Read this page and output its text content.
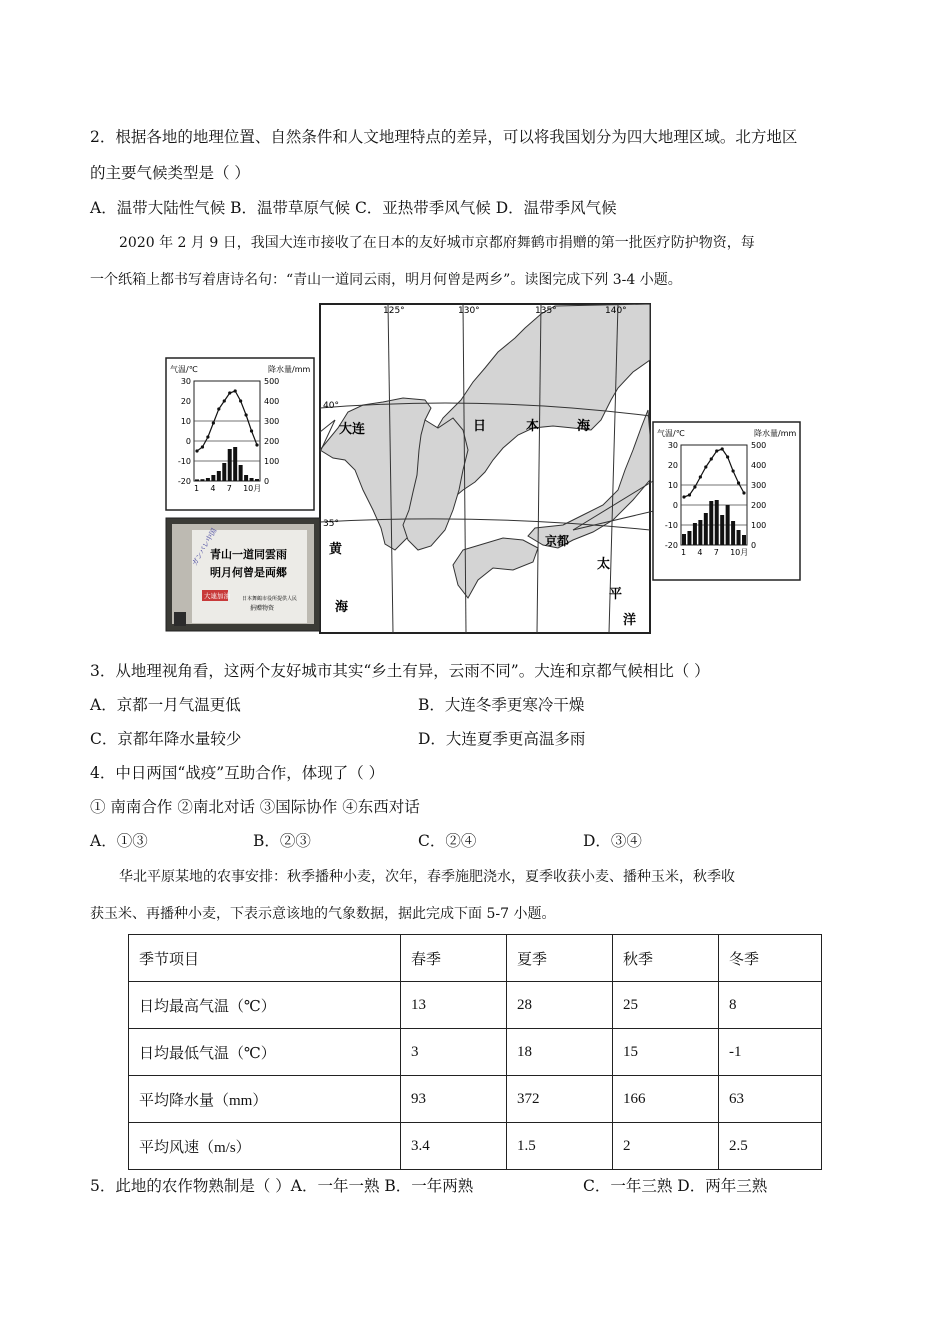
2．根据各地的地理位置、自然条件和人文地理特点的差异，可以将我国划分为四大地理区域。北方地区
的主要气候类型是（ ）
A．温带大陆性气候 B．温带草原气候 C．亚热带季风气候 D．温带季风气候
2020 年 2 月 9 日，我国大连市接收了在日本的友好城市京都府舞鹤市捐赠的第一批医疗防护物资，每
一个纸箱上都书写着唐诗名句：“青山一道同云雨，明月何曾是两乡”。读图完成下列 3-4 小题。
125°	130°	135°	140°
40°
35°
大连	日	本	海
京都
黄
海
太
平
洋
气温/℃	降水量/mm
30
20
10
0
-10
-20
500
400
300
200
100
0
1 4 7 10月
气温/℃	降水量/mm
30
20
10
0
-10
-20
500
400
300
200
100
0
1 4 7 10月
青山一道同雲雨
明月何曾是両郷
ガンバレ中国
大連加油 日本舞鶴市役所提供人民
捐赠物资
3．从地理视角看，这两个友好城市其实“乡土有异，云雨不同”。大连和京都气候相比（ ）
A．京都一月气温更低	B．大连冬季更寒冷干燥
C．京都年降水量较少	D．大连夏季更高温多雨
4．中日两国“战疫”互助合作，体现了（ ）
① 南南合作 ②南北对话 ③国际协作 ④东西对话
A．①③	B．②③	C．②④	D．③④
华北平原某地的农事安排：秋季播种小麦，次年，春季施肥浇水，夏季收获小麦、播种玉米，秋季收
获玉米、再播种小麦，下表示意该地的气象数据，据此完成下面 5-7 小题。
季节项目	春季	夏季	秋季	冬季
日均最高气温（℃）	13	28	25	8
日均最低气温（℃）	3	18	15	-1
平均降水量（mm）	93	372	166	63
平均风速（m/s）	3.4	1.5	2	2.5
5．此地的农作物熟制是（ ）A．一年一熟 B．一年两熟	C．一年三熟 D．两年三熟
